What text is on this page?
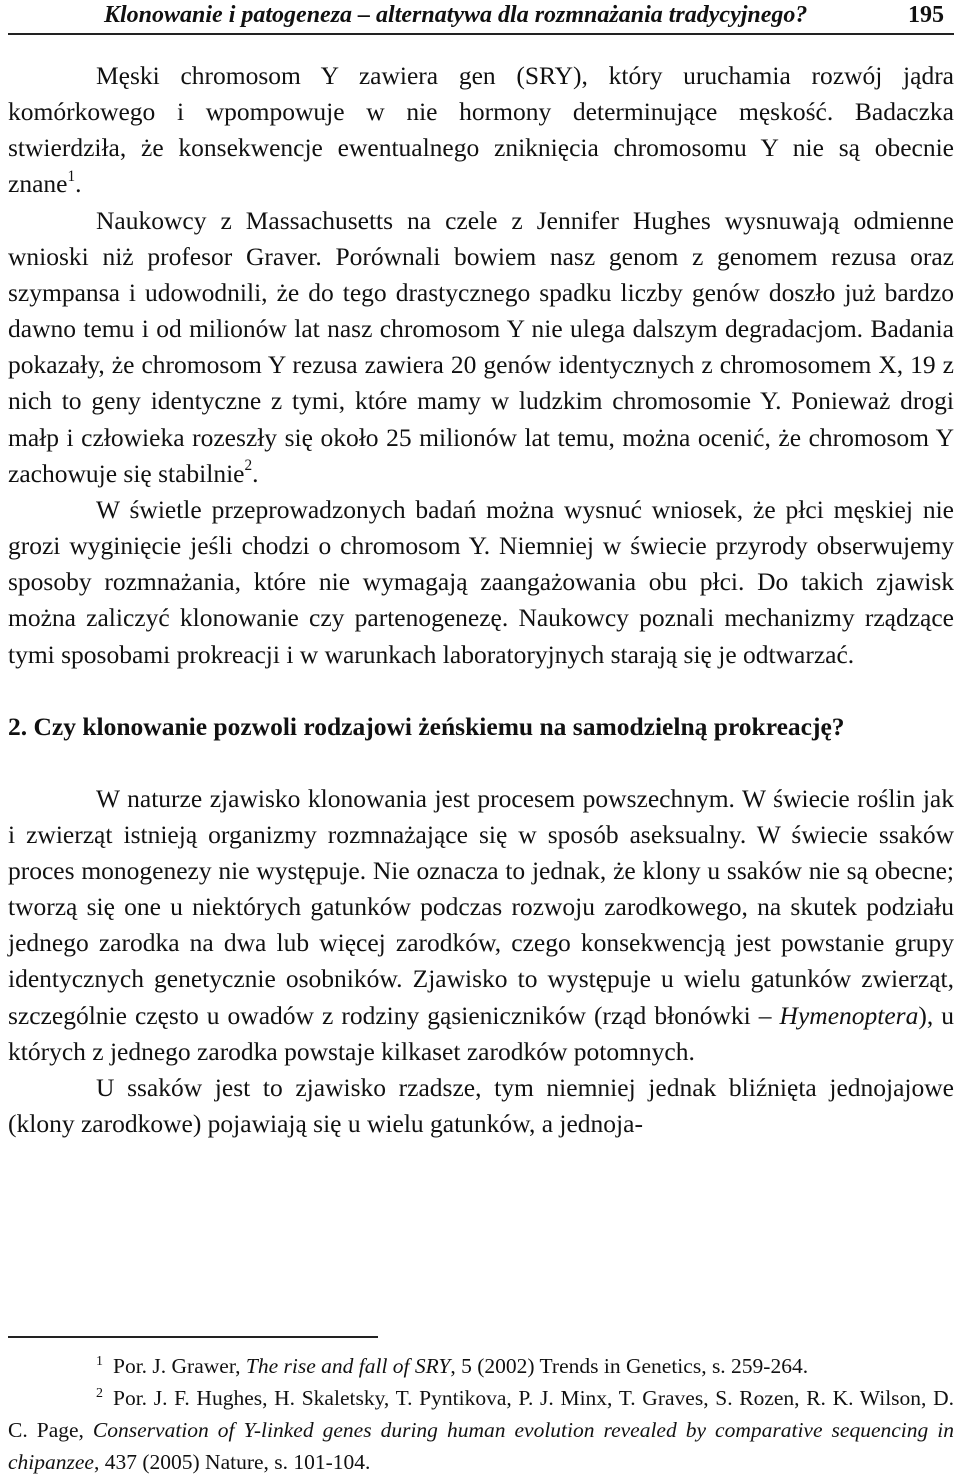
Klonowanie i patogeneza – alternatywa dla rozmnażania tradycyjnego?	195

Męski chromosom Y zawiera gen (SRY), który uruchamia rozwój jądra komórkowego i wpompowuje w nie hormony determinujące męskość. Badaczka stwierdziła, że konsekwencje ewentualnego zniknięcia chromosomu Y nie są obecnie znane$^1$.

Naukowcy z Massachusetts na czele z Jennifer Hughes wysnuwają odmienne wnioski niż profesor Graver. Porównali bowiem nasz genom z genomem rezusa oraz szympansa i udowodnili, że do tego drastycznego spadku liczby genów doszło już bardzo dawno temu i od milionów lat nasz chromosom Y nie ulega dalszym degradacjom. Badania pokazały, że chromosom Y rezusa zawiera 20 genów identycznych z chromosomem X, 19 z nich to geny identyczne z tymi, które mamy w ludzkim chromosomie Y. Ponieważ drogi małp i człowieka rozeszły się około 25 milionów lat temu, można ocenić, że chromosom Y zachowuje się stabilnie$^2$.

W świetle przeprowadzonych badań można wysnuć wniosek, że płci męskiej nie grozi wyginięcie jeśli chodzi o chromosom Y. Niemniej w świecie przyrody obserwujemy sposoby rozmnażania, które nie wymagają zaangażowania obu płci. Do takich zjawisk można zaliczyć klonowanie czy partenogenezę. Naukowcy poznali mechanizmy rządzące tymi sposobami prokreacji i w warunkach laboratoryjnych starają się je odtwarzać.

2. Czy klonowanie pozwoli rodzajowi żeńskiemu na samodzielną prokreację?

W naturze zjawisko klonowania jest procesem powszechnym. W świecie roślin jak i zwierząt istnieją organizmy rozmnażające się w sposób aseksualny. W świecie ssaków proces monogenezy nie występuje. Nie oznacza to jednak, że klony u ssaków nie są obecne; tworzą się one u niektórych gatunków podczas rozwoju zarodkowego, na skutek podziału jednego zarodka na dwa lub więcej zarodków, czego konsekwencją jest powstanie grupy identycznych genetycznie osobników. Zjawisko to występuje u wielu gatunków zwierząt, szczególnie często u owadów z rodziny gąsieniczników (rząd błonówki – Hymenoptera), u których z jednego zarodka powstaje kilkaset zarodków potomnych.

U ssaków jest to zjawisko rzadsze, tym niemniej jednak bliźnięta jednojajowe (klony zarodkowe) pojawiają się u wielu gatunków, a jednoja-

$^1$ Por. J. Grawer, The rise and fall of SRY, 5 (2002) Trends in Genetics, s. 259-264.

$^2$ Por. J. F. Hughes, H. Skaletsky, T. Pyntikova, P. J. Minx, T. Graves, S. Rozen, R. K. Wilson, D. C. Page, Conservation of Y-linked genes during human evolution revealed by comparative sequencing in chipanzee, 437 (2005) Nature, s. 101-104.
